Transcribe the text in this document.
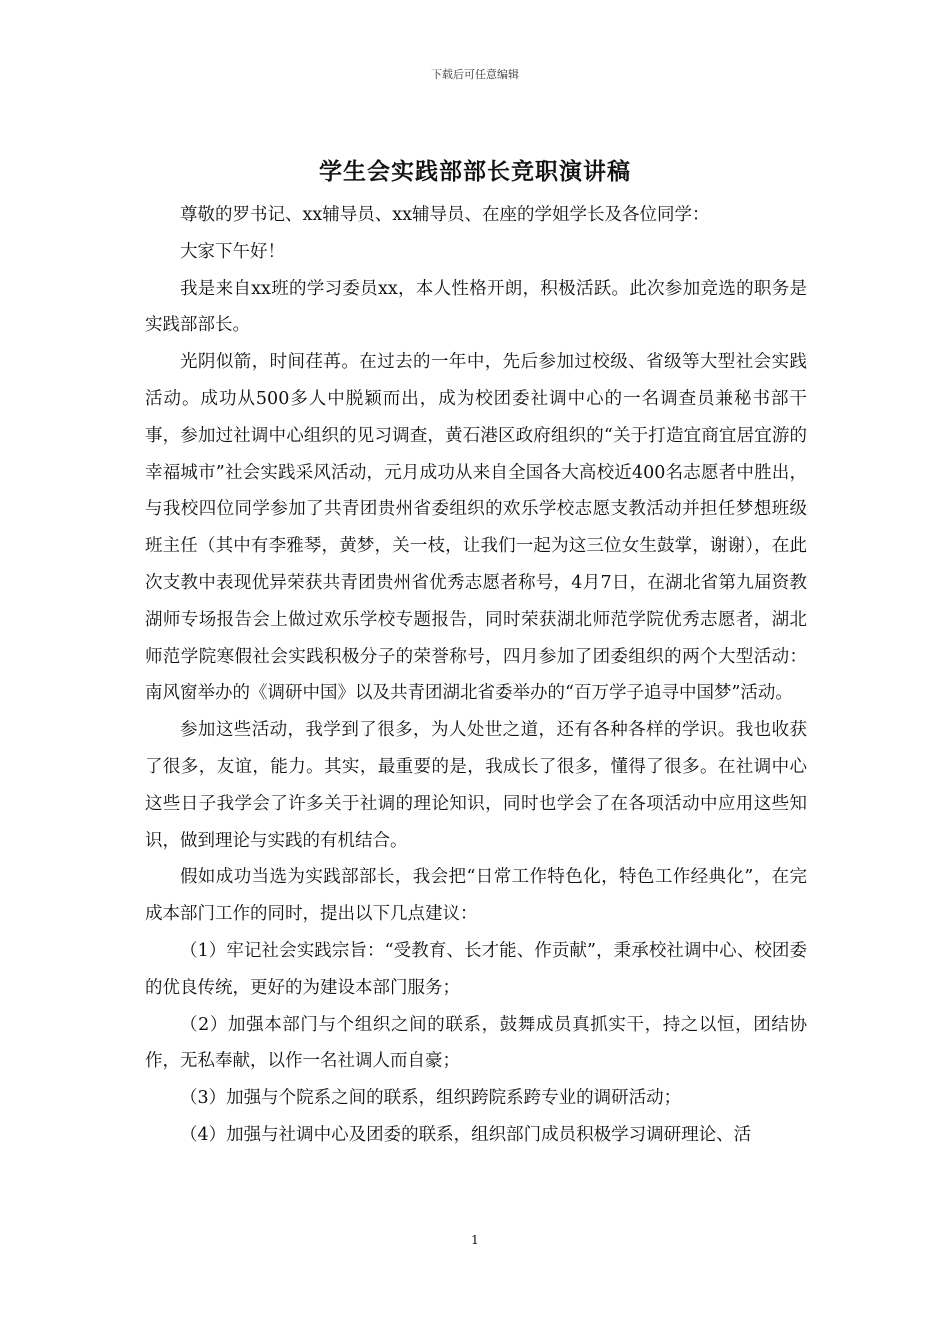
下载后可任意编辑
学生会实践部部长竞职演讲稿

尊敬的罗书记、xx辅导员、xx辅导员、在座的学姐学长及各位同学：

大家下午好！

我是来自xx班的学习委员xx，本人性格开朗，积极活跃。此次参加竞选的职务是实践部部长。

光阴似箭，时间荏苒。在过去的一年中，先后参加过校级、省级等大型社会实践活动。成功从500多人中脱颖而出，成为校团委社调中心的一名调查员兼秘书部干事，参加过社调中心组织的见习调查，黄石港区政府组织的“关于打造宜商宜居宜游的幸福城市”社会实践采风活动，元月成功从来自全国各大高校近400名志愿者中胜出，与我校四位同学参加了共青团贵州省委组织的欢乐学校志愿支教活动并担任梦想班级班主任（其中有李雅琴，黄梦，关一枝，让我们一起为这三位女生鼓掌，谢谢），在此次支教中表现优异荣获共青团贵州省优秀志愿者称号，4月7日，在湖北省第九届资教湖师专场报告会上做过欢乐学校专题报告，同时荣获湖北师范学院优秀志愿者，湖北师范学院寒假社会实践积极分子的荣誉称号，四月参加了团委组织的两个大型活动：南风窗举办的《调研中国》以及共青团湖北省委举办的“百万学子追寻中国梦”活动。

参加这些活动，我学到了很多，为人处世之道，还有各种各样的学识。我也收获了很多，友谊，能力。其实，最重要的是，我成长了很多，懂得了很多。在社调中心这些日子我学会了许多关于社调的理论知识，同时也学会了在各项活动中应用这些知识，做到理论与实践的有机结合。

假如成功当选为实践部部长，我会把“日常工作特色化，特色工作经典化”，在完成本部门工作的同时，提出以下几点建议：

（1）牢记社会实践宗旨：“受教育、长才能、作贡献”，秉承校社调中心、校团委的优良传统，更好的为建设本部门服务；

（2）加强本部门与个组织之间的联系，鼓舞成员真抓实干，持之以恒，团结协作，无私奉献，以作一名社调人而自豪；

（3）加强与个院系之间的联系，组织跨院系跨专业的调研活动；

（4）加强与社调中心及团委的联系，组织部门成员积极学习调研理论、活

1
